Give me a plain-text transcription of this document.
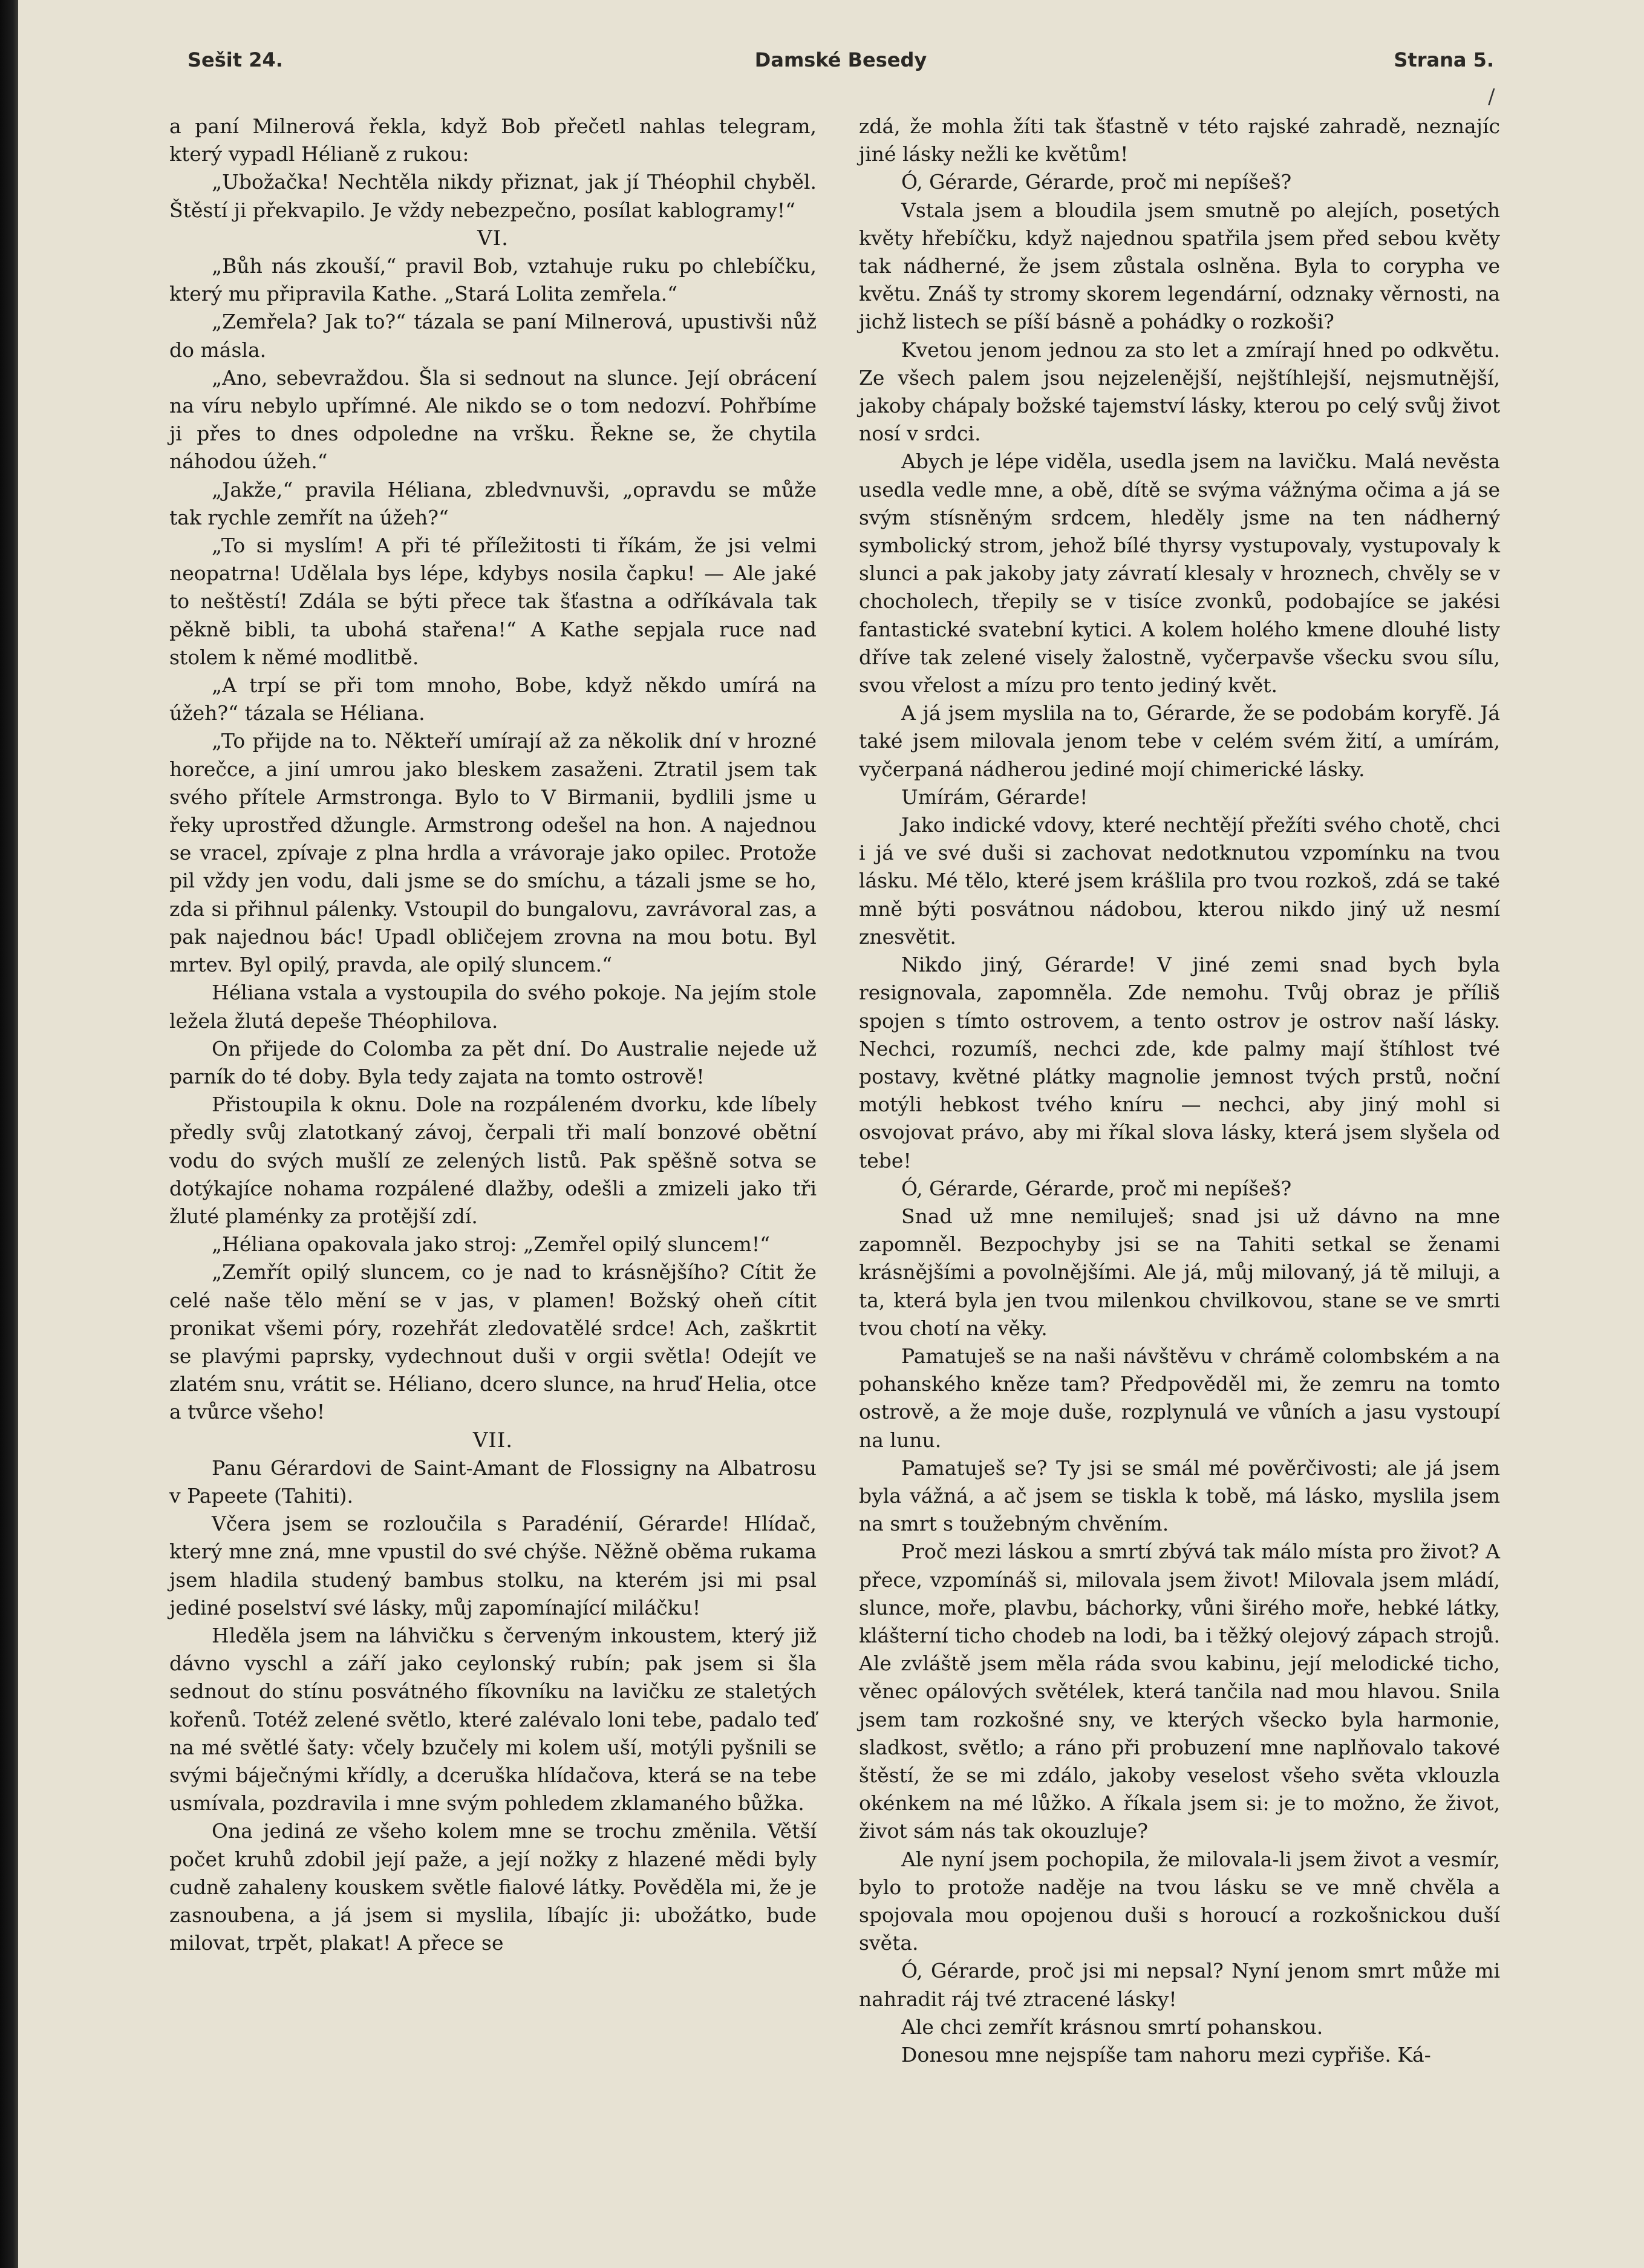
Sešit 24.	Damské Besedy	Strana 5.
/

a paní Milnerová řekla, když Bob přečetl nahlas telegram, který vypadl Hélianě z rukou:

„Ubožačka! Nechtěla nikdy přiznat, jak jí Théophil chyběl. Štěstí ji překvapilo. Je vždy nebezpečno, posílat kablogramy!“

VI.

„Bůh nás zkouší,“ pravil Bob, vztahuje ruku po chlebíčku, který mu připravila Kathe. „Stará Lolita zemřela.“

„Zemřela? Jak to?“ tázala se paní Milnerová, upustivši nůž do másla.

„Ano, sebevraždou. Šla si sednout na slunce. Její obrácení na víru nebylo upřímné. Ale nikdo se o tom nedozví. Pohřbíme ji přes to dnes odpoledne na vršku. Řekne se, že chytila náhodou úžeh.“

„Jakže,“ pravila Héliana, zbledvnuvši, „opravdu se může tak rychle zemřít na úžeh?“

„To si myslím! A při té příležitosti ti říkám, že jsi velmi neopatrna! Udělala bys lépe, kdybys nosila čapku! — Ale jaké to neštěstí! Zdála se býti přece tak šťastna a odříkávala tak pěkně bibli, ta ubohá stařena!“ A Kathe sepjala ruce nad stolem k němé modlitbě.

„A trpí se při tom mnoho, Bobe, když někdo umírá na úžeh?“ tázala se Héliana.

„To přijde na to. Někteří umírají až za několik dní v hrozné horečce, a jiní umrou jako bleskem zasaženi. Ztratil jsem tak svého přítele Armstronga. Bylo to V Birmanii, bydlili jsme u řeky uprostřed džungle. Armstrong odešel na hon. A najednou se vracel, zpívaje z plna hrdla a vrávoraje jako opilec. Protože pil vždy jen vodu, dali jsme se do smíchu, a tázali jsme se ho, zda si přihnul pálenky. Vstoupil do bungalovu, zavrávoral zas, a pak najednou bác! Upadl obličejem zrovna na mou botu. Byl mrtev. Byl opilý, pravda, ale opilý sluncem.“

Héliana vstala a vystoupila do svého pokoje. Na jejím stole ležela žlutá depeše Théophilova.

On přijede do Colomba za pět dní. Do Australie nejede už parník do té doby. Byla tedy zajata na tomto ostrově!

Přistoupila k oknu. Dole na rozpáleném dvorku, kde líbely předly svůj zlatotkaný závoj, čerpali tři malí bonzové obětní vodu do svých mušlí ze zelených listů. Pak spěšně sotva se dotýkajíce nohama rozpálené dlažby, odešli a zmizeli jako tři žluté plaménky za protější zdí.

„Héliana opakovala jako stroj: „Zemřel opilý sluncem!“

„Zemřít opilý sluncem, co je nad to krásnějšího? Cítit že celé naše tělo mění se v jas, v plamen! Božský oheň cítit pronikat všemi póry, rozehřát zledovatělé srdce! Ach, zaškrtit se plavými paprsky, vydechnout duši v orgii světla! Odejít ve zlatém snu, vrátit se. Héliano, dcero slunce, na hruď Helia, otce a tvůrce všeho!

VII.

Panu Gérardovi de Saint-Amant de Flossigny na Albatrosu v Papeete (Tahiti).

Včera jsem se rozloučila s Paradénií, Gérarde! Hlídač, který mne zná, mne vpustil do své chýše. Něžně oběma rukama jsem hladila studený bambus stolku, na kterém jsi mi psal jediné poselství své lásky, můj zapomínající miláčku!

Hleděla jsem na láhvičku s červeným inkoustem, který již dávno vyschl a září jako ceylonský rubín; pak jsem si šla sednout do stínu posvátného fíkovníku na lavičku ze staletých kořenů. Totéž zelené světlo, které zalévalo loni tebe, padalo teď na mé světlé šaty: včely bzučely mi kolem uší, motýli pyšnili se svými báječnými křídly, a dceruška hlídačova, která se na tebe usmívala, pozdravila i mne svým pohledem zklamaného bůžka.

Ona jediná ze všeho kolem mne se trochu změnila. Větší počet kruhů zdobil její paže, a její nožky z hlazené mědi byly cudně zahaleny kouskem světle fialové látky. Pověděla mi, že je zasnoubena, a já jsem si myslila, líbajíc ji: ubožátko, bude milovat, trpět, plakat! A přece se

zdá, že mohla žíti tak šťastně v této rajské zahradě, neznajíc jiné lásky nežli ke květům!

Ó, Gérarde, Gérarde, proč mi nepíšeš?

Vstala jsem a bloudila jsem smutně po alejích, posetých květy hřebíčku, když najednou spatřila jsem před sebou květy tak nádherné, že jsem zůstala oslněna. Byla to corypha ve květu. Znáš ty stromy skorem legendární, odznaky věrnosti, na jichž listech se píší básně a pohádky o rozkoši?

Kvetou jenom jednou za sto let a zmírají hned po odkvětu. Ze všech palem jsou nejzelenější, nejštíhlejší, nejsmutnější, jakoby chápaly božské tajemství lásky, kterou po celý svůj život nosí v srdci.

Abych je lépe viděla, usedla jsem na lavičku. Malá nevěsta usedla vedle mne, a obě, dítě se svýma vážnýma očima a já se svým stísněným srdcem, hleděly jsme na ten nádherný symbolický strom, jehož bílé thyrsy vystupovaly, vystupovaly k slunci a pak jakoby jaty závratí klesaly v hroznech, chvěly se v chocholech, třepily se v tisíce zvonků, podobajíce se jakési fantastické svatební kytici. A kolem holého kmene dlouhé listy dříve tak zelené visely žalostně, vyčerpavše všecku svou sílu, svou vřelost a mízu pro tento jediný květ.

A já jsem myslila na to, Gérarde, že se podobám koryfě. Já také jsem milovala jenom tebe v celém svém žití, a umírám, vyčerpaná nádherou jediné mojí chimerické lásky.

Umírám, Gérarde!

Jako indické vdovy, které nechtějí přežíti svého chotě, chci i já ve své duši si zachovat nedotknutou vzpomínku na tvou lásku. Mé tělo, které jsem krášlila pro tvou rozkoš, zdá se také mně býti posvátnou nádobou, kterou nikdo jiný už nesmí znesvětit.

Nikdo jiný, Gérarde! V jiné zemi snad bych byla resignovala, zapomněla. Zde nemohu. Tvůj obraz je příliš spojen s tímto ostrovem, a tento ostrov je ostrov naší lásky. Nechci, rozumíš, nechci zde, kde palmy mají štíhlost tvé postavy, květné plátky magnolie jemnost tvých prstů, noční motýli hebkost tvého kníru — nechci, aby jiný mohl si osvojovat právo, aby mi říkal slova lásky, která jsem slyšela od tebe!

Ó, Gérarde, Gérarde, proč mi nepíšeš?

Snad už mne nemiluješ; snad jsi už dávno na mne zapomněl. Bezpochyby jsi se na Tahiti setkal se ženami krásnějšími a povolnějšími. Ale já, můj milovaný, já tě miluji, a ta, která byla jen tvou milenkou chvilkovou, stane se ve smrti tvou chotí na věky.

Pamatuješ se na naši návštěvu v chrámě colombském a na pohanského kněze tam? Předpověděl mi, že zemru na tomto ostrově, a že moje duše, rozplynulá ve vůních a jasu vystoupí na lunu.

Pamatuješ se? Ty jsi se smál mé pověrčivosti; ale já jsem byla vážná, a ač jsem se tiskla k tobě, má lásko, myslila jsem na smrt s toužebným chvěním.

Proč mezi láskou a smrtí zbývá tak málo místa pro život? A přece, vzpomínáš si, milovala jsem život! Milovala jsem mládí, slunce, moře, plavbu, báchorky, vůni širého moře, hebké látky, klášterní ticho chodeb na lodi, ba i těžký olejový zápach strojů. Ale zvláště jsem měla ráda svou kabinu, její melodické ticho, věnec opálových světélek, která tančila nad mou hlavou. Snila jsem tam rozkošné sny, ve kterých všecko byla harmonie, sladkost, světlo; a ráno při probuzení mne naplňovalo takové štěstí, že se mi zdálo, jakoby veselost všeho světa vklouzla okénkem na mé lůžko. A říkala jsem si: je to možno, že život, život sám nás tak okouzluje?

Ale nyní jsem pochopila, že milovala-li jsem život a vesmír, bylo to protože naděje na tvou lásku se ve mně chvěla a spojovala mou opojenou duši s horoucí a rozkošnickou duší světa.

Ó, Gérarde, proč jsi mi nepsal? Nyní jenom smrt může mi nahradit ráj tvé ztracené lásky!

Ale chci zemřít krásnou smrtí pohanskou.

Donesou mne nejspíše tam nahoru mezi cypřiše. Ká-
